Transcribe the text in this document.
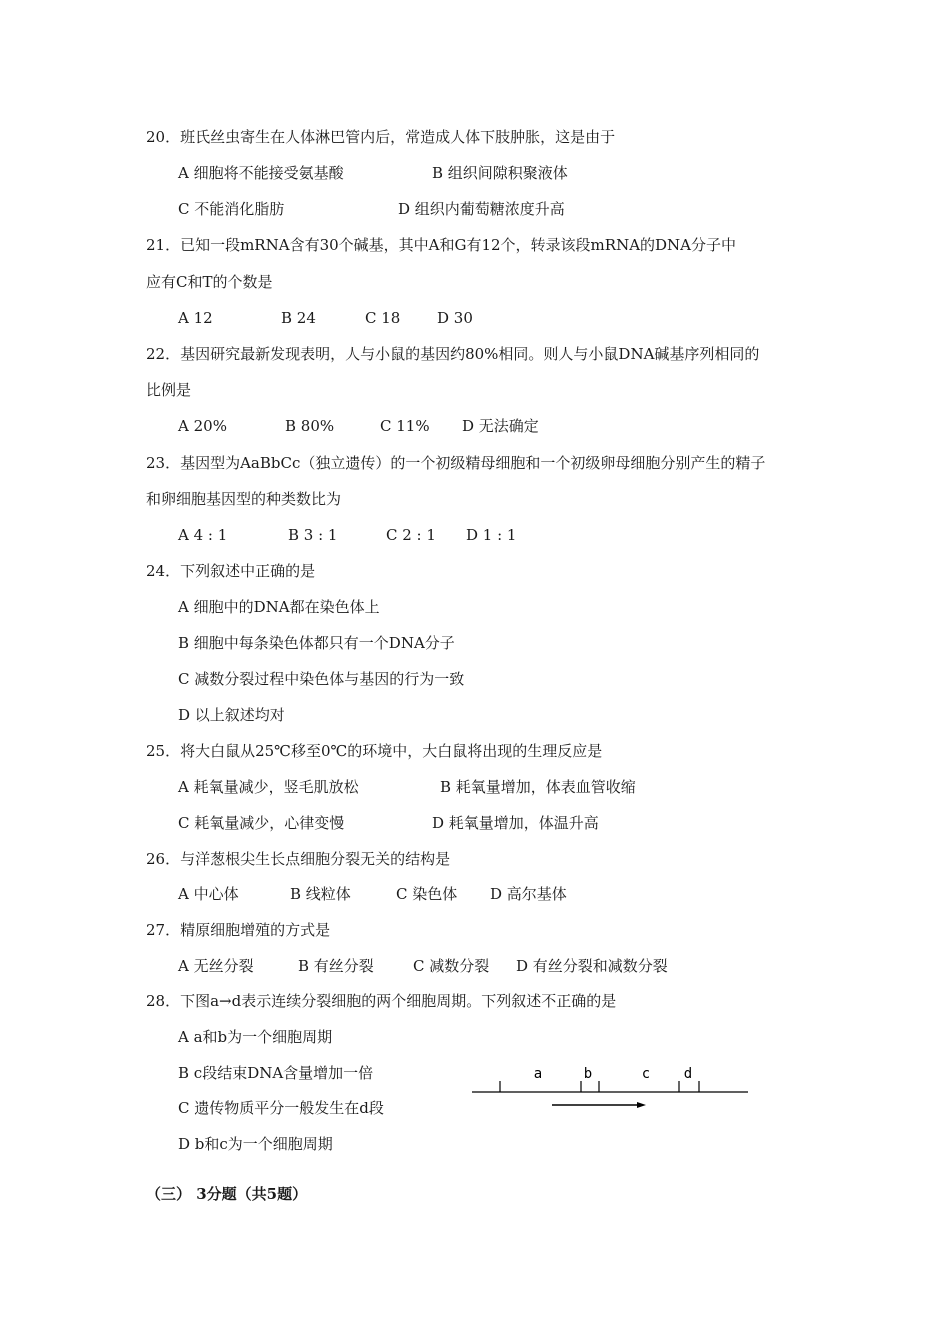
20．班氏丝虫寄生在人体淋巴管内后，常造成人体下肢肿胀，这是由于
A 细胞将不能接受氨基酸	B 组织间隙积聚液体
C 不能消化脂肪	D 组织内葡萄糖浓度升高
21．已知一段mRNA含有30个碱基，其中A和G有12个，转录该段mRNA的DNA分子中
应有C和T的个数是
A 12	B 24	C 18 D 30
22．基因研究最新发现表明，人与小鼠的基因约80%相同。则人与小鼠DNA碱基序列相同的
比例是
A 20%	B 80%	C 11% D 无法确定
23．基因型为AaBbCc（独立遗传）的一个初级精母细胞和一个初级卵母细胞分别产生的精子
和卵细胞基因型的种类数比为
A 4 : 1	B 3 : 1	C 2 : 1 D 1 : 1
24．下列叙述中正确的是
A 细胞中的DNA都在染色体上
B 细胞中每条染色体都只有一个DNA分子
C 减数分裂过程中染色体与基因的行为一致
D 以上叙述均对
25．将大白鼠从25℃移至0℃的环境中，大白鼠将出现的生理反应是
A 耗氧量减少，竖毛肌放松	B 耗氧量增加，体表血管收缩
C 耗氧量减少，心律变慢	D 耗氧量增加，体温升高
26．与洋葱根尖生长点细胞分裂无关的结构是
A 中心体	B 线粒体	C 染色体 D 高尔基体
27．精原细胞增殖的方式是
A 无丝分裂	B 有丝分裂	C 减数分裂 D 有丝分裂和减数分裂
28．下图a→d表示连续分裂细胞的两个细胞周期。下列叙述不正确的是
A a和b为一个细胞周期
B c段结束DNA含量增加一倍
C 遗传物质平分一般发生在d段
D b和c为一个细胞周期
a	b	c d
（三） 3分题（共5题）
